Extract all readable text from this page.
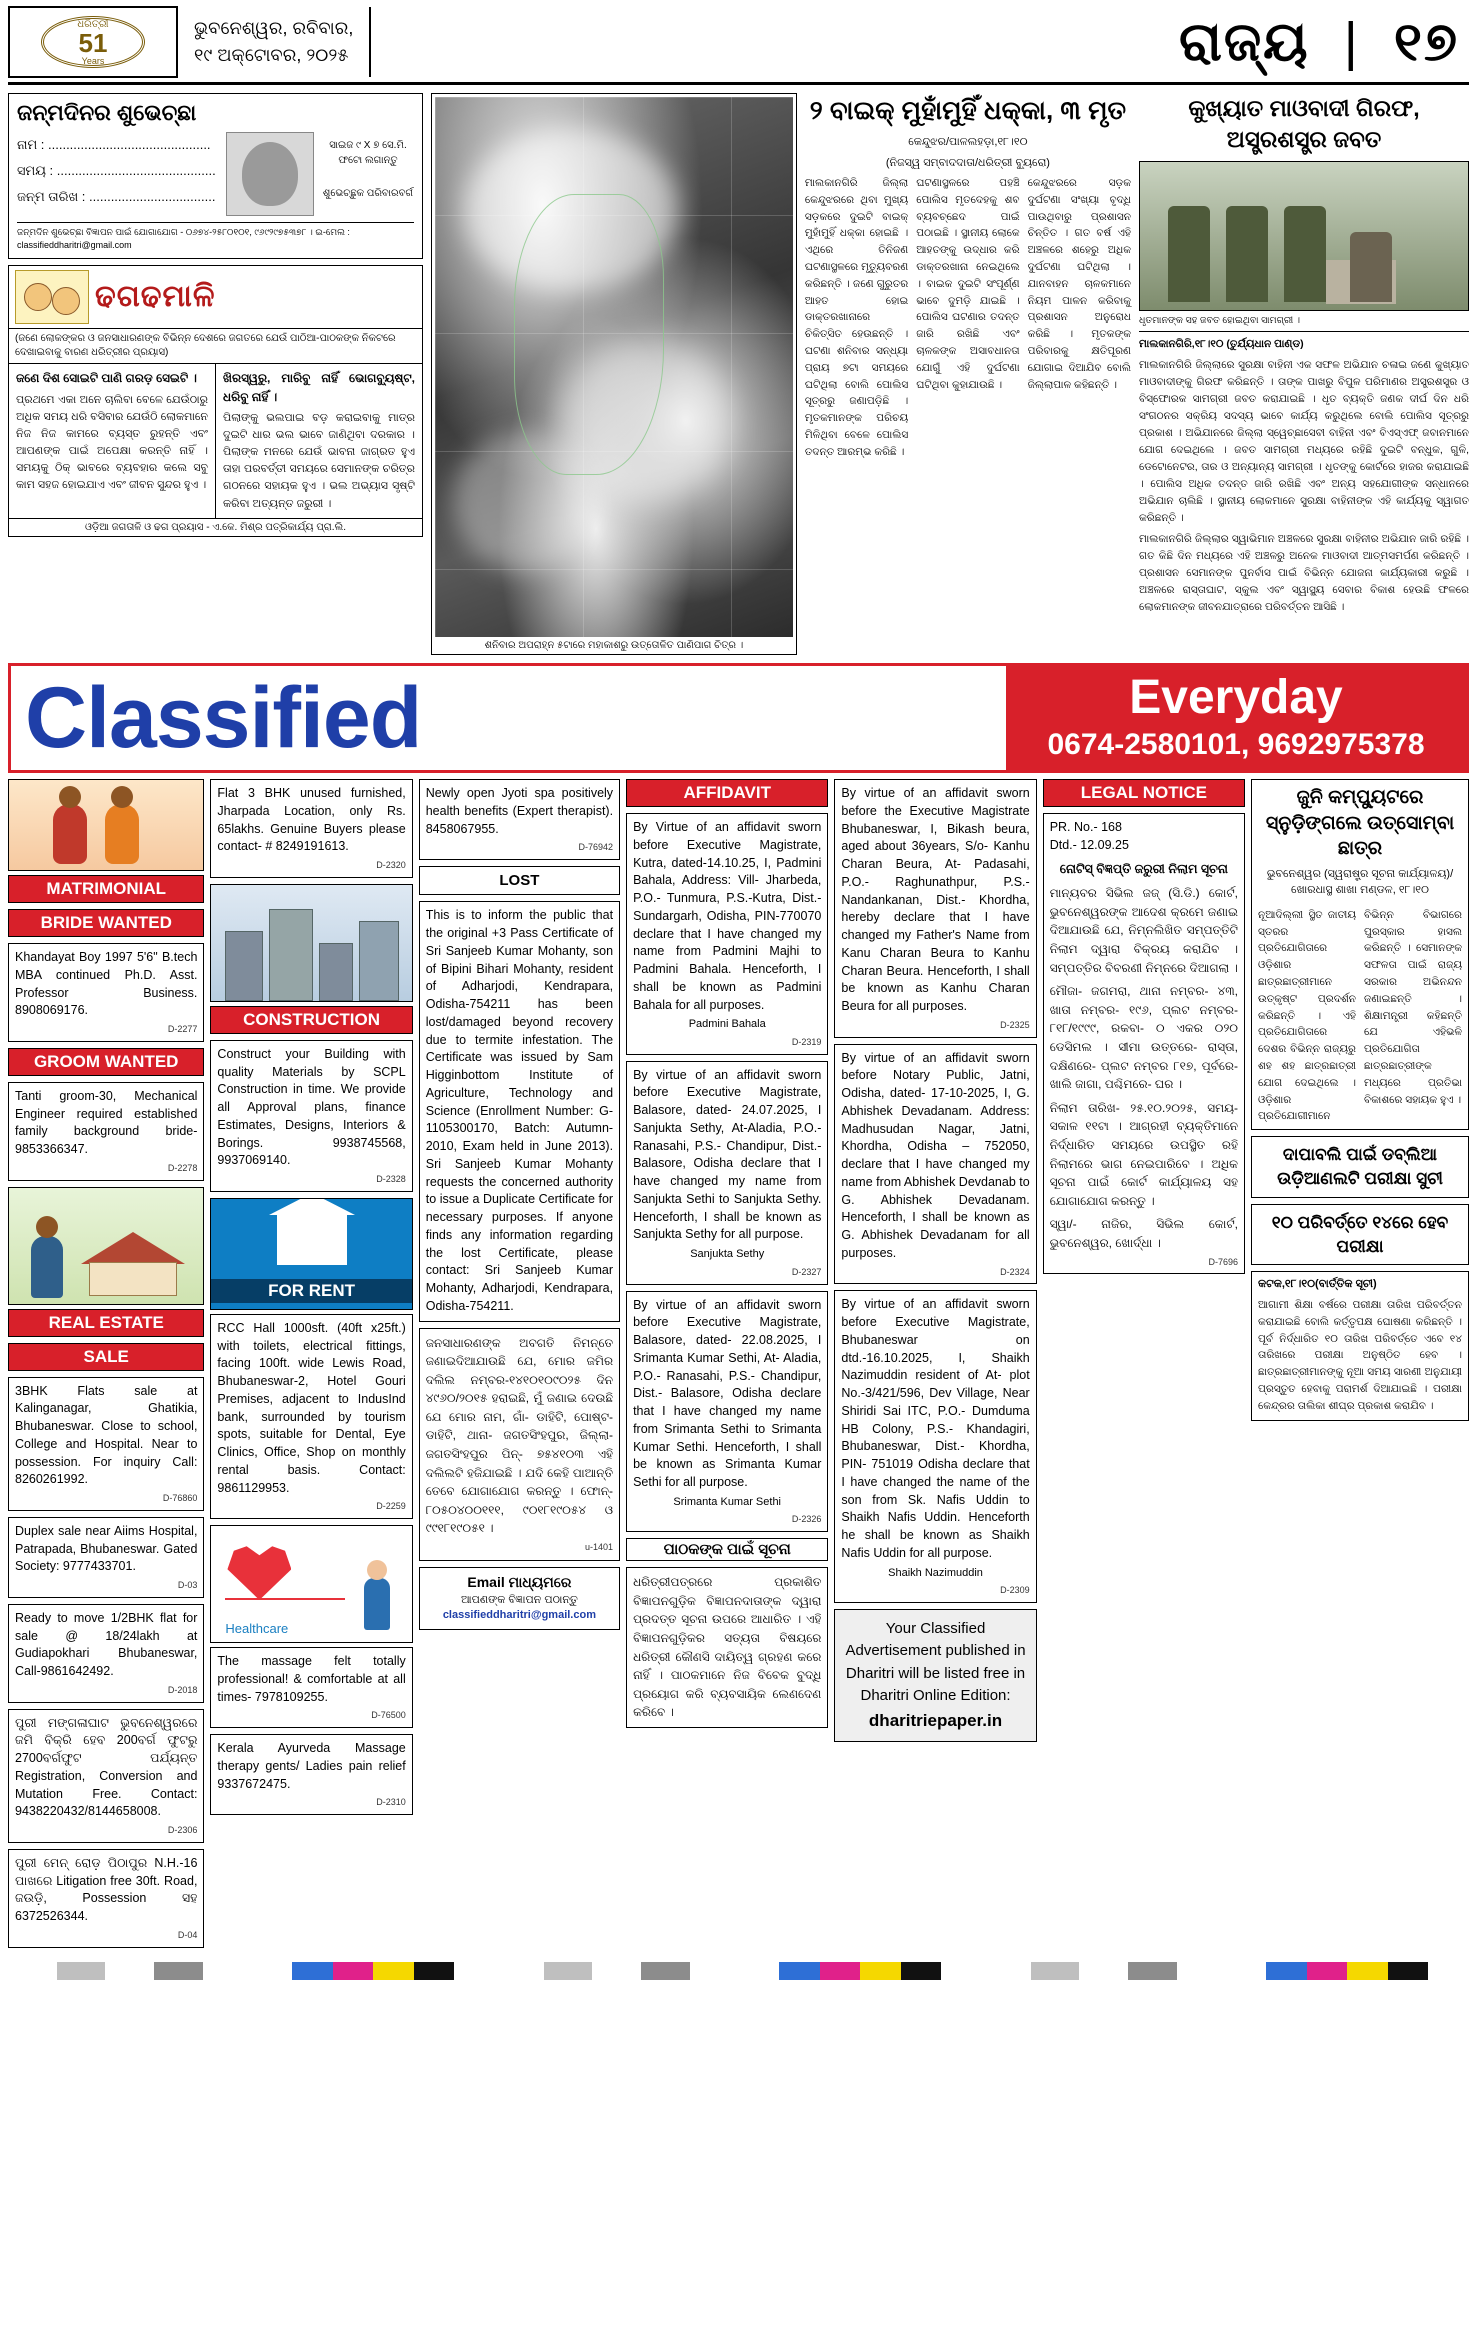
ଧରିତ୍ରୀ
51
Years
ଭୁବନେଶ୍ୱର, ରବିବାର,
୧୯ ଅକ୍ଟୋବର, ୨୦୨୫	ରାଜ୍ୟ  |  ୧୭
ଜନ୍ମଦିନର ଶୁଭେଚ୍ଛା
ନାମ : .............................................
ସମୟ : ............................................
ଜନ୍ମ ତାରିଖ : ...................................
ସାଇଜ ୯ X ୭ ସେ.ମି. ଫଟୋ ଲଗାନ୍ତୁ
ଶୁଭେଚ୍ଛୁକ ପରିବାରବର୍ଗ
ଜନ୍ମଦିନ ଶୁଭେଚ୍ଛା ବିଜ୍ଞାପନ ପାଇଁ ଯୋଗାଯୋଗ - ୦୬୭୪-୨୫୮୦୧୦୧, ୯୬୯୨୯୭୫୩୭୮ । ଇ-ମେଲ : classifieddharitri@gmail.com
ଢଗଢମାଳି
(ଜଣେ ଲୋକଙ୍କର ଓ ଜନସାଧାରଣଙ୍କ ବିଭିନ୍ନ ଦେଶରେ ଜଗତରେ ଯେଉଁ ପାଠିଆ-ପାଠକଙ୍କ ନିକଟରେ ଦେଖାଇବାକୁ ବାରଣ ଧରିତ୍ରୀର ପ୍ରୟାସ)
ଜଣେ ଦିଶ ସୋଇଟି ପାଣି ଗରଡ଼ ସେଇଟି ।
ପ୍ରଥମେ ଏକା ଅନେ ଚାଲିବା ବେଳେ ଯେଉଁଠାରୁ ଅଧିକ ସମୟ ଧରି ବସିବାର ଯେଉଁଠି ଲୋକମାନେ ନିଜ ନିଜ କାମରେ ବ୍ୟସ୍ତ ରୁହନ୍ତି ଏବଂ ଆପଣଙ୍କ ପାଇଁ ଅପେକ୍ଷା କରନ୍ତି ନାହିଁ । ସମୟକୁ ଠିକ୍ ଭାବରେ ବ୍ୟବହାର କଲେ ସବୁ କାମ ସହଜ ହୋଇଯାଏ ଏବଂ ଜୀବନ ସୁନ୍ଦର ହୁଏ ।
ଖିରସ୍ୱରୁ, ମାରିବୁ ନାହିଁ ଭୋଗବ୍ୟୁଷ୍ଟ, ଧରିବୁ ନାହିଁ ।
ପିଲାଙ୍କୁ ଭଲପାଇ ବଡ଼ କରାଇବାକୁ ମାତ୍ର ଦୁଇଟି ଧାର ଭଲ ଭାବେ ଜାଣିଥିବା ଦରକାର । ପିଲାଙ୍କ ମନରେ ଯେଉଁ ଭାବନା ଜାଗ୍ରତ ହୁଏ ତାହା ପରବର୍ତ୍ତୀ ସମୟରେ ସେମାନଙ୍କ ଚରିତ୍ର ଗଠନରେ ସହାୟକ ହୁଏ । ଭଲ ଅଭ୍ୟାସ ସୃଷ୍ଟି କରିବା ଅତ୍ୟନ୍ତ ଜରୁରୀ ।
ଓଡ଼ିଆ ଜଗତାଳି ଓ ଢଗ ପ୍ରୟାସ - ଏ.କେ. ମିଶ୍ର ପତ୍ରିକାର୍ଯ୍ୟ ପ୍ରା.ଲି.
ଶନିବାର ଅପରାହ୍ନ ୫ଟାରେ ମହାକାଶରୁ ଉତ୍ତୋଳିତ ପାଣିପାଗ ଚିତ୍ର ।
୨ ବାଇକ୍ ମୁହାଁମୁହିଁ ଧକ୍କା, ୩ ମୃତ
କେନ୍ଦୁଝର/ପାଳଲହଡ଼ା,୧୮।୧୦
(ନିଜସ୍ୱ ସମ୍ବାଦଦାତା/ଧରିତ୍ରୀ ବ୍ୟୁରୋ)
ମାଲକାନଗିରି ଜିଲ୍ଲା କେନ୍ଦୁଝରରେ ଥିବା ମୁଖ୍ୟ ସଡ଼କରେ ଦୁଇଟି ବାଇକ୍ ମୁହାଁମୁହିଁ ଧକ୍କା ହୋଇଛି । ଏଥିରେ ତିନିଜଣ ଘଟଣାସ୍ଥଳରେ ମୃତ୍ୟୁବରଣ କରିଛନ୍ତି । ଜଣେ ଗୁରୁତର ଆହତ ହୋଇ ଡାକ୍ତରଖାନାରେ ଚିକିତ୍ସିତ ହେଉଛନ୍ତି । ଘଟଣା ଶନିବାର ସନ୍ଧ୍ୟା ପ୍ରାୟ ୭ଟା ସମୟରେ ଘଟିଥିଲା ବୋଲି ପୋଲିସ ସୂତ୍ରରୁ ଜଣାପଡ଼ିଛି । ମୃତକମାନଙ୍କ ପରିଚୟ ମିଳିଥିବା ବେଳେ ପୋଲିସ ତଦନ୍ତ ଆରମ୍ଭ କରିଛି ।
ଘଟଣାସ୍ଥଳରେ ପହଞ୍ଚି ପୋଲିସ ମୃତଦେହକୁ ଶବ ବ୍ୟବଚ୍ଛେଦ ପାଇଁ ପଠାଇଛି । ସ୍ଥାନୀୟ ଲୋକେ ଆହତଙ୍କୁ ଉଦ୍ଧାର କରି ଡାକ୍ତରଖାନା ନେଇଥିଲେ । ବାଇକ ଦୁଇଟି ସଂପୂର୍ଣ୍ଣ ଭାବେ ଦୁମଡ଼ି ଯାଇଛି । ପୋଲିସ ଘଟଣାର ତଦନ୍ତ ଜାରି ରଖିଛି ଏବଂ ଚାଳକଙ୍କ ଅସାବଧାନତା ଯୋଗୁଁ ଏହି ଦୁର୍ଘଟଣା ଘଟିଥିବା କୁହାଯାଉଛି ।
କେନ୍ଦୁଝରରେ ସଡ଼କ ଦୁର୍ଘଟଣା ସଂଖ୍ୟା ବୃଦ୍ଧି ପାଉଥିବାରୁ ପ୍ରଶାସନ ଚିନ୍ତିତ । ଗତ ବର୍ଷ ଏହି ଅଞ୍ଚଳରେ ଶହେରୁ ଅଧିକ ଦୁର୍ଘଟଣା ଘଟିଥିଲା । ଯାନବାହନ ଚାଳକମାନେ ନିୟମ ପାଳନ କରିବାକୁ ପ୍ରଶାସନ ଅନୁରୋଧ କରିଛି । ମୃତକଙ୍କ ପରିବାରକୁ କ୍ଷତିପୂରଣ ଯୋଗାଇ ଦିଆଯିବ ବୋଲି ଜିଲ୍ଲାପାଳ କହିଛନ୍ତି ।
କୁଖ୍ୟାତ ମାଓବାଦୀ ଗିରଫ, ଅସ୍ତ୍ରଶସ୍ତ୍ର ଜବତ
ଧୃତମାନଙ୍କ ସହ ଜବତ ହୋଇଥିବା ସାମଗ୍ରୀ ।
ମାଲକାନଗିରି,୧୮।୧୦ (ତୁର୍ଯ୍ୟଧାନ ପାଣ୍ଡ)
ମାଲକାନଗିରି ଜିଲ୍ଲାରେ ସୁରକ୍ଷା ବାହିନୀ ଏକ ସଫଳ ଅଭିଯାନ ଚଳାଇ ଜଣେ କୁଖ୍ୟାତ ମାଓବାଦୀଙ୍କୁ ଗିରଫ କରିଛନ୍ତି । ତାଙ୍କ ପାଖରୁ ବିପୁଳ ପରିମାଣର ଅସ୍ତ୍ରଶସ୍ତ୍ର ଓ ବିସ୍ଫୋରକ ସାମଗ୍ରୀ ଜବତ କରାଯାଇଛି । ଧୃତ ବ୍ୟକ୍ତି ଜଣକ ଦୀର୍ଘ ଦିନ ଧରି ସଂଗଠନର ସକ୍ରିୟ ସଦସ୍ୟ ଭାବେ କାର୍ଯ୍ୟ କରୁଥିଲେ ବୋଲି ପୋଲିସ ସୂତ୍ରରୁ ପ୍ରକାଶ । ଅଭିଯାନରେ ଜିଲ୍ଲା ସ୍ୱେଚ୍ଛାସେବୀ ବାହିନୀ ଏବଂ ବିଏସ୍ଏଫ୍ ଜବାନମାନେ ଯୋଗ ଦେଇଥିଲେ । ଜବତ ସାମଗ୍ରୀ ମଧ୍ୟରେ ରହିଛି ଦୁଇଟି ବନ୍ଧୁକ, ଗୁଳି, ଡେଟୋନେଟର, ତାର ଓ ଅନ୍ୟାନ୍ୟ ସାମଗ୍ରୀ । ଧୃତଙ୍କୁ କୋର୍ଟରେ ହାଜର କରାଯାଇଛି । ପୋଲିସ ଅଧିକ ତଦନ୍ତ ଜାରି ରଖିଛି ଏବଂ ଅନ୍ୟ ସହଯୋଗୀଙ୍କ ସନ୍ଧାନରେ ଅଭିଯାନ ଚାଲିଛି । ସ୍ଥାନୀୟ ଲୋକମାନେ ସୁରକ୍ଷା ବାହିନୀଙ୍କ ଏହି କାର୍ଯ୍ୟକୁ ସ୍ୱାଗତ କରିଛନ୍ତି ।
ମାଲକାନଗିରି ଜିଲ୍ଲାର ସ୍ୱାଭିମାନ ଅଞ୍ଚଳରେ ସୁରକ୍ଷା ବାହିନୀର ଅଭିଯାନ ଜାରି ରହିଛି । ଗତ କିଛି ଦିନ ମଧ୍ୟରେ ଏହି ଅଞ୍ଚଳରୁ ଅନେକ ମାଓବାଦୀ ଆତ୍ମସମର୍ପଣ କରିଛନ୍ତି । ପ୍ରଶାସନ ସେମାନଙ୍କ ପୁନର୍ବାସ ପାଇଁ ବିଭିନ୍ନ ଯୋଜନା କାର୍ଯ୍ୟକାରୀ କରୁଛି । ଅଞ୍ଚଳରେ ରାସ୍ତାଘାଟ, ସ୍କୁଲ ଏବଂ ସ୍ୱାସ୍ଥ୍ୟ ସେବାର ବିକାଶ ହେଉଛି ଫଳରେ ଲୋକମାନଙ୍କ ଜୀବନଯାତ୍ରାରେ ପରିବର୍ତ୍ତନ ଆସିଛି ।
Classified	Everyday
0674-2580101, 9692975378
MATRIMONIAL
BRIDE WANTED
Khandayat Boy 1997 5'6" B.tech MBA continued Ph.D. Asst. Professor Business. 8908069176.
D-2277
GROOM WANTED
Tanti groom-30, Mechanical Engineer required established family background bride-9853366347.
D-2278
REAL ESTATE
SALE
3BHK Flats sale at Kalinganagar, Ghatikia, Bhubaneswar. Close to school, College and Hospital. Near to possession. For inquiry Call: 8260261992.
D-76860
Duplex sale near Aiims Hospital, Patrapada, Bhubaneswar. Gated Society: 9777433701.
D-03
Ready to move 1/2BHK flat for sale @ 18/24lakh at Gudiapokhari Bhubaneswar, Call-9861642492.
D-2018
ପୁରୀ ମଙ୍ଗଳାଘାଟ ଭୁବନେଶ୍ୱରରେ ଜମି ବିକ୍ରି ହେବ 200ବର୍ଗ ଫୁଟରୁ 2700ବର୍ଗଫୁଟ ପର୍ଯ୍ୟନ୍ତ Registration, Conversion and Mutation Free. Contact: 9438220432/8144658008.
D-2306
ପୁରୀ ମେନ୍ ରୋଡ଼ ପିଠାପୁର N.H.-16 ପାଖରେ Litigation free 30ft. Road, ଜଉଡ଼ି, Possession ସହ 6372526344.
D-04
Flat 3 BHK unused furnished, Jharpada Location, only Rs. 65lakhs. Genuine Buyers please contact- # 8249191613.
D-2320
CONSTRUCTION
Construct your Building with quality Materials by SCPL Construction in time. We provide all Approval plans, finance Estimates, Designs, Interiors & Borings. 9938745568, 9937069140.
D-2328
FOR RENT
RCC Hall 1000sft. (40ft x25ft.) with toilets, electrical fittings, facing 100ft. wide Lewis Road, Bhubaneswar-2, Hotel Gouri Premises, adjacent to IndusInd bank, surrounded by tourism spots, suitable for Dental, Eye Clinics, Office, Shop on monthly rental basis. Contact: 9861129953.
D-2259
Healthcare
The massage felt totally professional! & comfortable at all times- 7978109255.
D-76500
Kerala Ayurveda Massage therapy gents/ Ladies pain relief 9337672475.
D-2310
Newly open Jyoti spa positively health benefits (Expert therapist). 8458067955.
D-76942
LOST
This is to inform the public that the original +3 Pass Certificate of Sri Sanjeeb Kumar Mohanty, son of Bipini Bihari Mohanty, resident of Adharjodi, Kendrapara, Odisha-754211 has been lost/damaged beyond recovery due to termite infestation. The Certificate was issued by Sam Higginbottom Institute of Agriculture, Technology and Science (Enrollment Number: G-1105300170, Batch: Autumn-2010, Exam held in June 2013). Sri Sanjeeb Kumar Mohanty requests the concerned authority to issue a Duplicate Certificate for necessary purposes. If anyone finds any information regarding the lost Certificate, please contact: Sri Sanjeeb Kumar Mohanty, Adharjodi, Kendrapara, Odisha-754211.
ଜନସାଧାରଣଙ୍କ ଅବଗତି ନିମନ୍ତେ ଜଣାଇଦିଆଯାଉଛି ଯେ, ମୋର ଜମିର ଦଲିଲ ନମ୍ବର-୧୪୧୦୧୦୯୦୨୫ ଦିନ ୪୯୬୦/୨୦୧୫ ହରାଇଛି, ମୁଁ ଜଣାଇ ଦେଉଛି ଯେ ମୋର ନାମ, ଗାଁ- ଡାହିଟିି, ପୋଷ୍ଟ- ଡାହିଟିି, ଥାନା- ଜଗତସିଂହପୁର, ଜିଲ୍ଲା- ଜଗତସିଂହପୁର ପିନ୍- ୭୫୪୧୦୩ ଏହି ଦଲିଲଟି ହଜିଯାଇଛି । ଯଦି କେହି ପାଆନ୍ତି ତେବେ ଯୋଗାଯୋଗ କରନ୍ତୁ । ଫୋନ୍- ୮୦୫୦୪୦୦୧୧୧, ୯୦୧୮୧୯୦୫୪ ଓ ୯୯୧୮୧୯୦୫୧ ।
u-1401
Email ମାଧ୍ୟମରେ
ଆପଣଙ୍କ ବିଜ୍ଞାପନ ପଠାନ୍ତୁ
classifieddharitri@gmail.com
AFFIDAVIT
By Virtue of an affidavit sworn before Executive Magistrate, Kutra, dated-14.10.25, I, Padmini Bahala, Address: Vill- Jharbeda, P.O.- Tunmura, P.S.-Kutra, Dist.- Sundargarh, Odisha, PIN-770070 declare that I have changed my name from Padmini Majhi to Padmini Bahala. Henceforth, I shall be known as Padmini Bahala for all purposes.
Padmini Bahala
D-2319
By virtue of an affidavit sworn before Executive Magistrate, Balasore, dated- 24.07.2025, I Sanjukta Sethy, At-Aladia, P.O.- Ranasahi, P.S.- Chandipur, Dist.- Balasore, Odisha declare that I have changed my name from Sanjukta Sethi to Sanjukta Sethy. Henceforth, I shall be known as Sanjukta Sethy for all purpose.
Sanjukta Sethy
D-2327
By virtue of an affidavit sworn before Executive Magistrate, Balasore, dated- 22.08.2025, I Srimanta Kumar Sethi, At- Aladia, P.O.- Ranasahi, P.S.- Chandipur, Dist.- Balasore, Odisha declare that I have changed my name from Srimanta Sethi to Srimanta Kumar Sethi. Henceforth, I shall be known as Srimanta Kumar Sethi for all purpose.
Srimanta Kumar Sethi
D-2326
ପାଠକଙ୍କ ପାଇଁ ସୂଚନା
ଧରିତ୍ରୀପତ୍ରରେ ପ୍ରକାଶିତ ବିଜ୍ଞାପନଗୁଡ଼ିକ ବିଜ୍ଞାପନଦାତାଙ୍କ ଦ୍ୱାରା ପ୍ରଦତ୍ତ ସୂଚନା ଉପରେ ଆଧାରିତ । ଏହି ବିଜ୍ଞାପନଗୁଡ଼ିକର ସତ୍ୟତା ବିଷୟରେ ଧରିତ୍ରୀ କୌଣସି ଦାୟିତ୍ୱ ଗ୍ରହଣ କରେ ନାହିଁ । ପାଠକମାନେ ନିଜ ବିବେକ ବୁଦ୍ଧି ପ୍ରୟୋଗ କରି ବ୍ୟବସାୟିକ ଲେଣଦେଣ କରିବେ ।
By virtue of an affidavit sworn before the Executive Magistrate Bhubaneswar, I, Bikash beura, aged about 36years, S/o- Kanhu Charan Beura, At- Padasahi, P.O.- Raghunathpur, P.S.- Nandankanan, Dist.- Khordha, hereby declare that I have changed my Father's Name from Kanu Charan Beura to Kanhu Charan Beura. Henceforth, I shall be known as Kanhu Charan Beura for all purposes.
D-2325
By virtue of an affidavit sworn before Notary Public, Jatni, Odisha, dated- 17-10-2025, I, G. Abhishek Devadanam. Address: Madhusudan Nagar, Jatni, Khordha, Odisha – 752050, declare that I have changed my name from Abhishek Devdanab to G. Abhishek Devadanam. Henceforth, I shall be known as G. Abhishek Devadanam for all purposes.
D-2324
By virtue of an affidavit sworn before Executive Magistrate, Bhubaneswar on dtd.-16.10.2025, I, Shaikh Nazimuddin resident of At- plot No.-3/421/596, Dev Village, Near Shiridi Sai ITC, P.O.- Dumduma HB Colony, P.S.- Khandagiri, Bhubaneswar, Dist.- Khordha, PIN- 751019 Odisha declare that I have changed the name of the son from Sk. Nafis Uddin to Shaikh Nafis Uddin. Henceforth he shall be known as Shaikh Nafis Uddin for all purpose.
Shaikh Nazimuddin
D-2309
Your Classified Advertisement published in Dharitri will be listed free in Dharitri Online Edition:
dharitriepaper.in
LEGAL NOTICE
PR. No.- 168
Dtd.- 12.09.25
ନୋଟିସ୍ ବିଜ୍ଞପ୍ତି ଜରୁରୀ ନିଲାମ ସୂଚନା
ମାନ୍ୟବର ସିଭିଲ ଜଜ୍ (ସି.ଡି.) କୋର୍ଟ, ଭୁବନେଶ୍ୱରଙ୍କ ଆଦେଶ କ୍ରମେ ଜଣାଇ ଦିଆଯାଉଛି ଯେ, ନିମ୍ନଲିଖିତ ସମ୍ପତ୍ତିଟି ନିଲାମ ଦ୍ୱାରା ବିକ୍ରୟ କରାଯିବ । ସମ୍ପତ୍ତିର ବିବରଣୀ ନିମ୍ନରେ ଦିଆଗଲା ।
ମୌଜା- ଜଗମରା, ଥାନା ନମ୍ବର- ୪୩, ଖାତା ନମ୍ବର- ୧୯୬, ପ୍ଲଟ ନମ୍ବର- ୮୧୮/୧୯୯୯, ରକବା- ୦ ଏକର ୦୨୦ ଡେସିମଲ । ସୀମା ଉତ୍ତରେ- ରାସ୍ତା, ଦକ୍ଷିଣରେ- ପ୍ଲଟ ନମ୍ବର ୮୧୭, ପୂର୍ବରେ- ଖାଲି ଜାଗା, ପଶ୍ଚିମରେ- ଘର ।
ନିଲାମ ତାରିଖ- ୨୫.୧୦.୨୦୨୫, ସମୟ- ସକାଳ ୧୧ଟା । ଆଗ୍ରହୀ ବ୍ୟକ୍ତିମାନେ ନିର୍ଦ୍ଧାରିତ ସମୟରେ ଉପସ୍ଥିତ ରହି ନିଲାମରେ ଭାଗ ନେଇପାରିବେ । ଅଧିକ ସୂଚନା ପାଇଁ କୋର୍ଟ କାର୍ଯ୍ୟାଳୟ ସହ ଯୋଗାଯୋଗ କରନ୍ତୁ ।
ସ୍ୱା/- ନାଜିର, ସିଭିଲ କୋର୍ଟ, ଭୁବନେଶ୍ୱର, ଖୋର୍ଦ୍ଧା ।
D-7696
ଜୁନି କମ୍ପ୍ୟୁଟରେ ସ୍ନୁଡ଼ିଙ୍ଗଲେ ଉତ୍ସୋମ୍ବା ଛାତ୍ର
ଭୁବନେଶ୍ୱର (ସ୍ୱରାଷ୍ଟ୍ର ସୂଚନା କାର୍ଯ୍ୟାଳୟ)/ ଖୋରଧାସ୍ଥ ଶାଖା ମଣ୍ଡଳ, ୧୮।୧୦
ନୂଆଦିଲ୍ଲୀ ସ୍ଥିତ ଜାତୀୟ ସ୍ତରର ପ୍ରତିଯୋଗିତାରେ ଓଡ଼ିଶାର ଛାତ୍ରଛାତ୍ରୀମାନେ ଉତ୍କୃଷ୍ଟ ପ୍ରଦର୍ଶନ କରିଛନ୍ତି । ଏହି ପ୍ରତିଯୋଗିତାରେ ଦେଶର ବିଭିନ୍ନ ରାଜ୍ୟରୁ ଶହ ଶହ ଛାତ୍ରଛାତ୍ରୀ ଯୋଗ ଦେଇଥିଲେ । ଓଡ଼ିଶାର ପ୍ରତିଯୋଗୀମାନେ ବିଭିନ୍ନ ବିଭାଗରେ ପୁରସ୍କାର ହାସଲ କରିଛନ୍ତି । ସେମାନଙ୍କ ସଫଳତା ପାଇଁ ରାଜ୍ୟ ସରକାର ଅଭିନନ୍ଦନ ଜଣାଇଛନ୍ତି । ଶିକ୍ଷାମନ୍ତ୍ରୀ କହିଛନ୍ତି ଯେ ଏହିଭଳି ପ୍ରତିଯୋଗିତା ଛାତ୍ରଛାତ୍ରୀଙ୍କ ମଧ୍ୟରେ ପ୍ରତିଭା ବିକାଶରେ ସହାୟକ ହୁଏ ।
ଦାପାବଲି ପାଇଁ ଡବ୍ଲିଆ ଉଡ଼ିଆଣଲଟି ପରୀକ୍ଷା ସୁଚୀ
୧୦ ପରିବର୍ତ୍ତେ ୧୪ରେ ହେବ ପରୀକ୍ଷା
କଟକ,୧୮।୧୦(ବାର୍ତ୍ତିକ ସୂଚୀ)
ଆଗାମୀ ଶିକ୍ଷା ବର୍ଷରେ ପରୀକ୍ଷା ତାରିଖ ପରିବର୍ତ୍ତନ କରାଯାଇଛି ବୋଲି କର୍ତ୍ତୃପକ୍ଷ ଘୋଷଣା କରିଛନ୍ତି । ପୂର୍ବ ନିର୍ଦ୍ଧାରିତ ୧୦ ତାରିଖ ପରିବର୍ତ୍ତେ ଏବେ ୧୪ ତାରିଖରେ ପରୀକ୍ଷା ଅନୁଷ୍ଠିତ ହେବ । ଛାତ୍ରଛାତ୍ରୀମାନଙ୍କୁ ନୂଆ ସମୟ ସାରଣୀ ଅନୁଯାୟୀ ପ୍ରସ୍ତୁତ ହେବାକୁ ପରାମର୍ଶ ଦିଆଯାଇଛି । ପରୀକ୍ଷା କେନ୍ଦ୍ରର ତାଲିକା ଶୀଘ୍ର ପ୍ରକାଶ କରାଯିବ ।
